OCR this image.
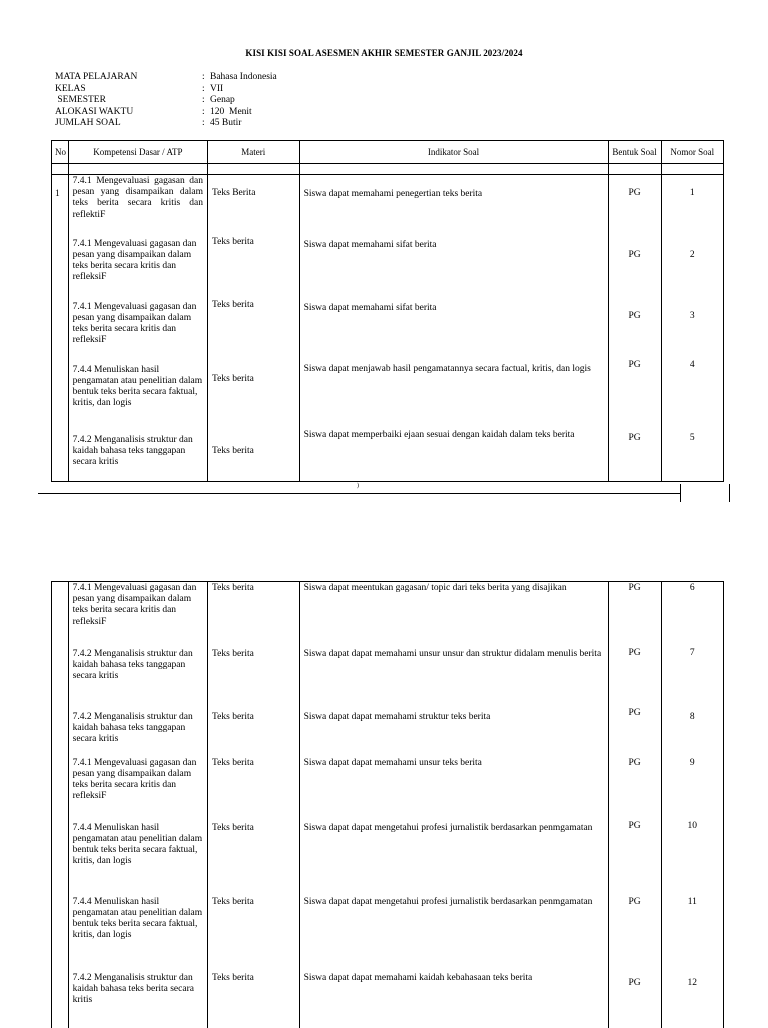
KISI KISI SOAL ASESMEN AKHIR SEMESTER GANJIL 2023/2024
MATA PELAJARAN	: Bahasa Indonesia
KELAS	: VII
SEMESTER	: Genap
ALOKASI WAKTU	: 120  Menit
JUMLAH SOAL	: 45 Butir
No	Kompetensi Dasar / ATP	Materi	Indikator Soal	Bentuk Soal	Nomor Soal

1	7.4.1 Mengevaluasi gagasan dan pesan yang disampaikan dalam teks berita secara kritis dan reflektiF	Teks Berita	Siswa dapat memahami penegertian teks berita	PG	1
	7.4.1 Mengevaluasi gagasan dan pesan yang disampaikan dalam teks berita secara kritis dan refleksiF	Teks berita	Siswa dapat memahami sifat berita	PG	2
	7.4.1 Mengevaluasi gagasan dan pesan yang disampaikan dalam teks berita secara kritis dan refleksiF	Teks berita	Siswa dapat memahami sifat berita	PG	3
	7.4.4 Menuliskan hasil pengamatan atau penelitian dalam bentuk teks berita secara faktual, kritis, dan logis	Teks berita	Siswa dapat menjawab hasil pengamatannya secara factual, kritis, dan logis	PG	4
	7.4.2 Menganalisis struktur dan kaidah bahasa teks tanggapan secara kritis	Teks berita	Siswa dapat memperbaiki ejaan sesuai dengan kaidah dalam teks berita	PG	5
)
	7.4.1 Mengevaluasi gagasan dan pesan yang disampaikan dalam teks berita secara kritis dan refleksiF	Teks berita	Siswa dapat meentukan gagasan/ topic dari teks berita yang disajikan	PG	6
	7.4.2 Menganalisis struktur dan kaidah bahasa teks tanggapan secara kritis	Teks berita	Siswa dapat dapat memahami unsur unsur dan struktur didalam menulis berita	PG	7
	7.4.2 Menganalisis struktur dan kaidah bahasa teks tanggapan secara kritis	Teks berita	Siswa dapat dapat memahami struktur teks berita	PG	8
	7.4.1 Mengevaluasi gagasan dan pesan yang disampaikan dalam teks berita secara kritis dan refleksiF	Teks berita	Siswa dapat dapat memahami unsur teks berita	PG	9
	7.4.4 Menuliskan hasil pengamatan atau penelitian dalam bentuk teks berita secara faktual, kritis, dan logis	Teks berita	Siswa dapat dapat mengetahui profesi jurnalistik berdasarkan penmgamatan	PG	10
	7.4.4 Menuliskan hasil pengamatan atau penelitian dalam bentuk teks berita secara faktual, kritis, dan logis	Teks berita	Siswa dapat dapat mengetahui profesi jurnalistik berdasarkan penmgamatan	PG	11
	7.4.2 Menganalisis struktur dan kaidah bahasa teks berita secara kritis	Teks berita	Siswa dapat dapat memahami kaidah kebahasaan teks berita	PG	12
